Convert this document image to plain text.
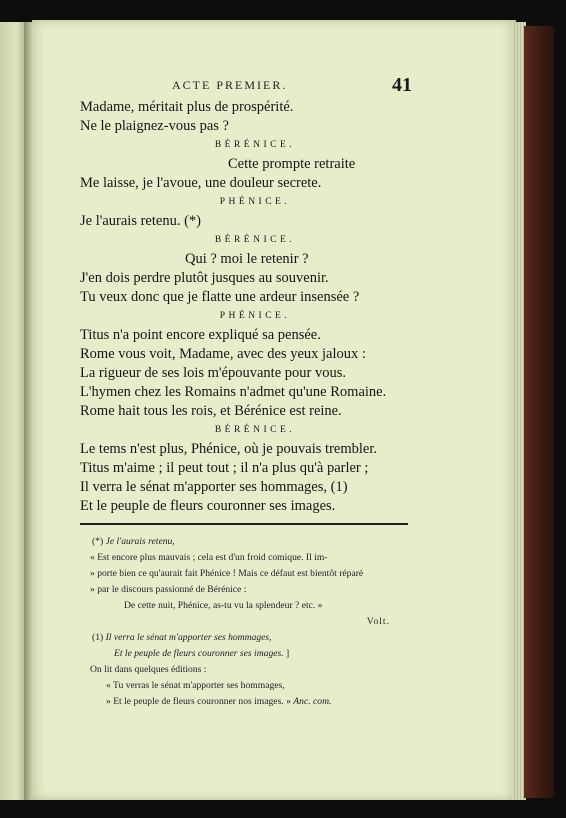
ACTE PREMIER.	41
Madame, méritait plus de prospérité.
Ne le plaignez-vous pas ?
BÉRÉNICE.
Cette prompte retraite
Me laisse, je l'avoue, une douleur secrete.
PHÉNICE.
Je l'aurais retenu. (*)
BÉRÉNICE.
Qui ? moi le retenir ?
J'en dois perdre plutôt jusques au souvenir.
Tu veux donc que je flatte une ardeur insensée ?
PHÉNICE.
Titus n'a point encore expliqué sa pensée.
Rome vous voit, Madame, avec des yeux jaloux :
La rigueur de ses lois m'épouvante pour vous.
L'hymen chez les Romains n'admet qu'une Romaine.
Rome hait tous les rois, et Bérénice est reine.
BÉRÉNICE.
Le tems n'est plus, Phénice, où je pouvais trembler.
Titus m'aime ; il peut tout ; il n'a plus qu'à parler ;
Il verra le sénat m'apporter ses hommages, (1)
Et le peuple de fleurs couronner ses images.
(*) Je l'aurais retenu,
« Est encore plus mauvais ; cela est d'un froid comique. Il im-
» porte bien ce qu'aurait fait Phénice ! Mais ce défaut est bientôt réparé
» par le discours passionné de Bérénice :
De cette nuit, Phénice, as-tu vu la splendeur ? etc. »
Volt.
(1) Il verra le sénat m'apporter ses hommages,
Et le peuple de fleurs couronner ses images. ]
On lit dans quelques éditions :
« Tu verras le sénat m'apporter ses hommages,
» Et le peuple de fleurs couronner nos images. » Anc. com.
